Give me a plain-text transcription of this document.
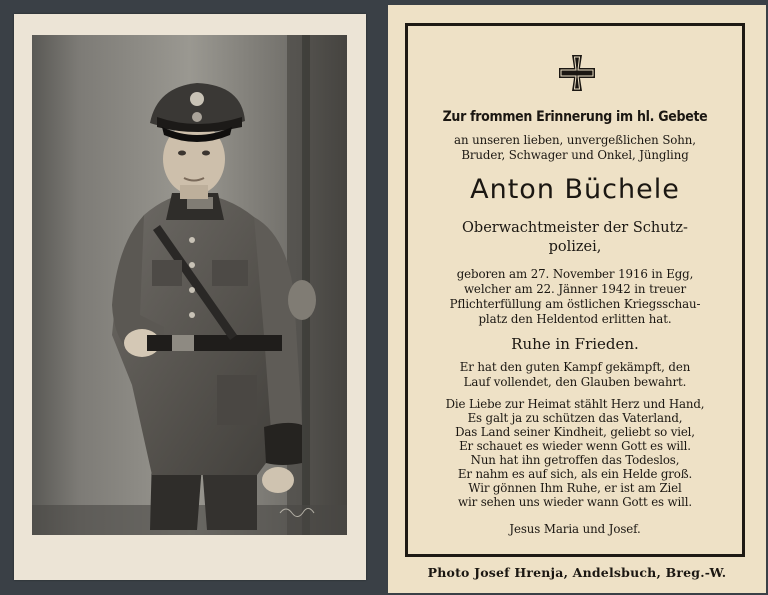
Zur frommen Erinnerung im hl. Gebete
an unseren lieben, unvergeßlichen Sohn,
Bruder, Schwager und Onkel, Jüngling
Anton Büchele
Oberwachtmeister der Schutz-
polizei,
geboren am 27. November 1916 in Egg,
welcher am 22. Jänner 1942 in treuer
Pflichterfüllung am östlichen Kriegsschau-
platz den Heldentod erlitten hat.
Ruhe in Frieden.
Er hat den guten Kampf gekämpft, den
Lauf vollendet, den Glauben bewahrt.
Die Liebe zur Heimat stählt Herz und Hand,
Es galt ja zu schützen das Vaterland,
Das Land seiner Kindheit, geliebt so viel,
Er schauet es wieder wenn Gott es will.
Nun hat ihn getroffen das Todeslos,
Er nahm es auf sich, als ein Helde groß.
Wir gönnen Ihm Ruhe, er ist am Ziel
wir sehen uns wieder wann Gott es will.
Jesus Maria und Josef.
Photo Josef Hrenja, Andelsbuch, Breg.-W.
